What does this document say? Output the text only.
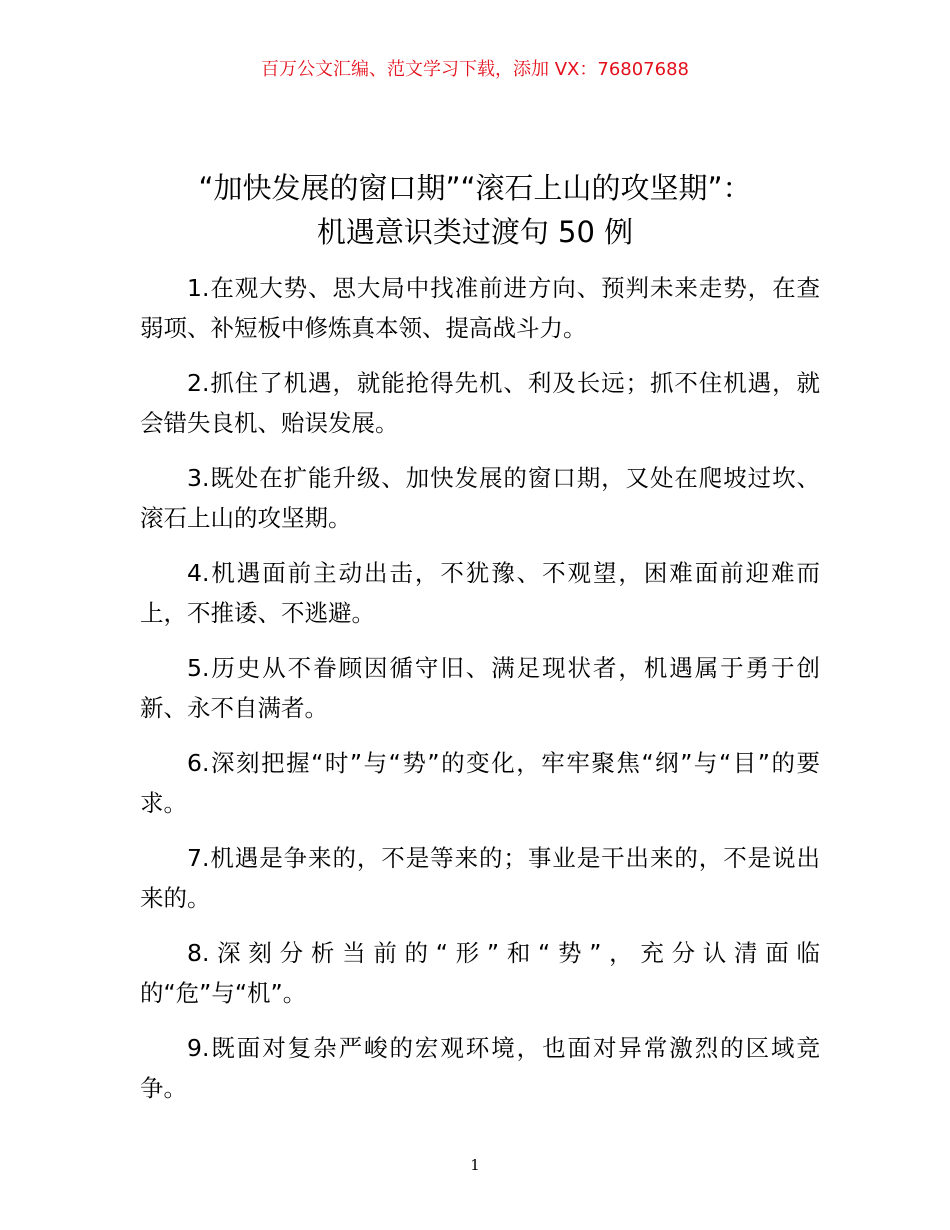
百万公文汇编、范文学习下载，添加 VX：76807688
“加快发展的窗口期”“滚石上山的攻坚期”：
机遇意识类过渡句 50 例
1.在观大势、思大局中找准前进方向、预判未来走势，在查弱项、补短板中修炼真本领、提高战斗力。
2.抓住了机遇，就能抢得先机、利及长远；抓不住机遇，就会错失良机、贻误发展。
3.既处在扩能升级、加快发展的窗口期，又处在爬坡过坎、滚石上山的攻坚期。
4.机遇面前主动出击，不犹豫、不观望，困难面前迎难而上，不推诿、不逃避。
5.历史从不眷顾因循守旧、满足现状者，机遇属于勇于创新、永不自满者。
6.深刻把握“时”与“势”的变化，牢牢聚焦“纲”与“目”的要求。
7.机遇是争来的，不是等来的；事业是干出来的，不是说出来的。
8.深刻分析当前的“形”和“势”，充分认清面临的“危”与“机”。
9.既面对复杂严峻的宏观环境，也面对异常激烈的区域竞争。
1
